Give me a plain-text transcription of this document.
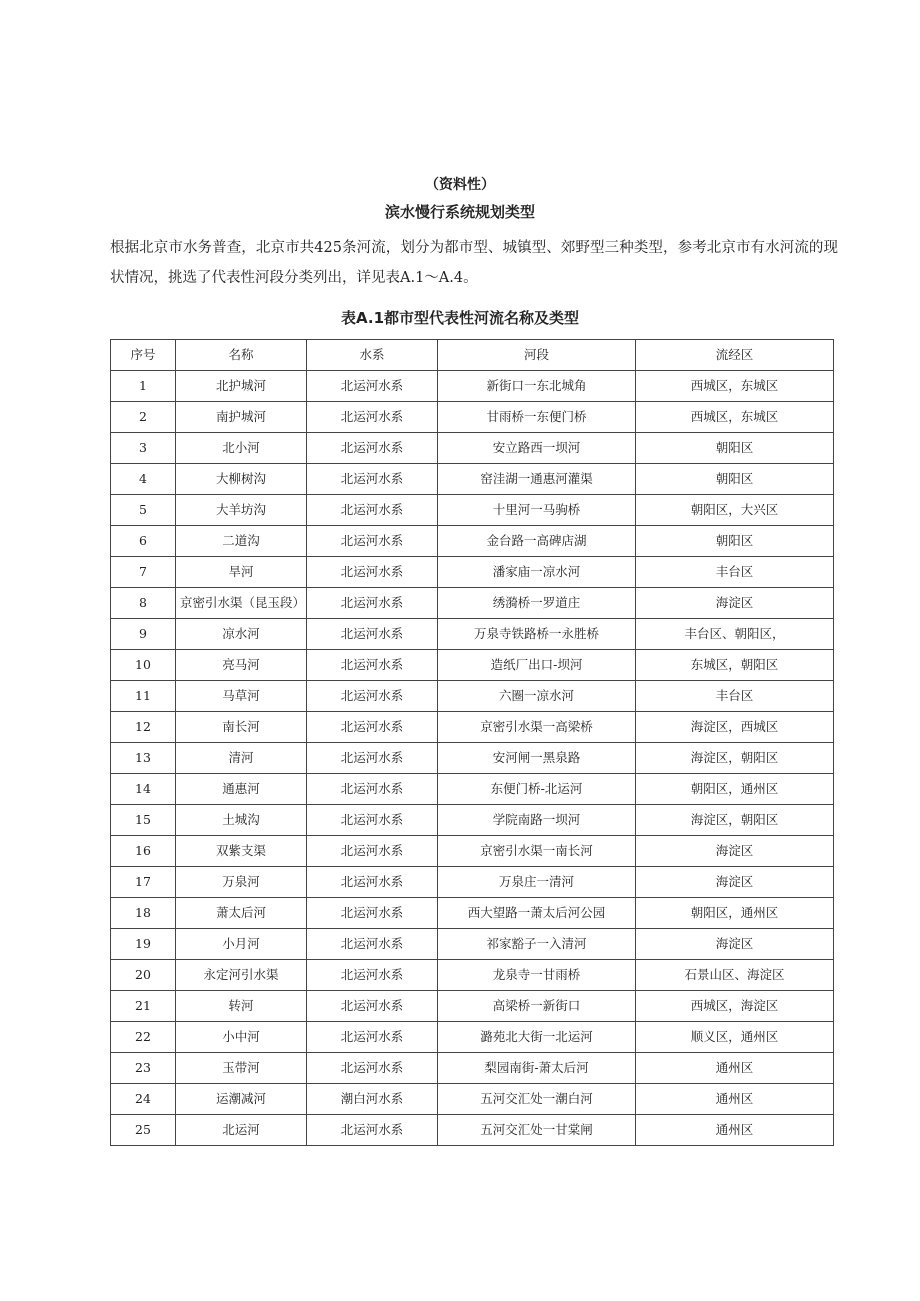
（资料性）
滨水慢行系统规划类型

根据北京市水务普查，北京市共425条河流，划分为都市型、城镇型、郊野型三种类型，参考北京市有水河流的现状情况，挑选了代表性河段分类列出，详见表A.1～A.4。

表A.1都市型代表性河流名称及类型
序号	名称	水系	河段	流经区
1	北护城河	北运河水系	新街口一东北城角	西城区，东城区
2	南护城河	北运河水系	甘雨桥一东便门桥	西城区，东城区
3	北小河	北运河水系	安立路西一坝河	朝阳区
4	大柳树沟	北运河水系	窑洼湖一通惠河灌渠	朝阳区
5	大羊坊沟	北运河水系	十里河一马驹桥	朝阳区，大兴区
6	二道沟	北运河水系	金台路一高碑店湖	朝阳区
7	旱河	北运河水系	潘家庙一凉水河	丰台区
8	京密引水渠（昆玉段）	北运河水系	绣漪桥一罗道庄	海淀区
9	凉水河	北运河水系	万泉寺铁路桥一永胜桥	丰台区、朝阳区，
10	亮马河	北运河水系	造纸厂出口-坝河	东城区，朝阳区
11	马草河	北运河水系	六圈一凉水河	丰台区
12	南长河	北运河水系	京密引水渠一高梁桥	海淀区，西城区
13	清河	北运河水系	安河闸一黑泉路	海淀区，朝阳区
14	通惠河	北运河水系	东便门桥-北运河	朝阳区，通州区
15	土城沟	北运河水系	学院南路一坝河	海淀区，朝阳区
16	双紫支渠	北运河水系	京密引水渠一南长河	海淀区
17	万泉河	北运河水系	万泉庄一清河	海淀区
18	萧太后河	北运河水系	西大望路一萧太后河公园	朝阳区，通州区
19	小月河	北运河水系	祁家豁子一入清河	海淀区
20	永定河引水渠	北运河水系	龙泉寺一甘雨桥	石景山区、海淀区
21	转河	北运河水系	高梁桥一新街口	西城区，海淀区
22	小中河	北运河水系	潞苑北大街一北运河	顺义区，通州区
23	玉带河	北运河水系	梨园南街-萧太后河	通州区
24	运潮减河	潮白河水系	五河交汇处一潮白河	通州区
25	北运河	北运河水系	五河交汇处一甘棠闸	通州区
